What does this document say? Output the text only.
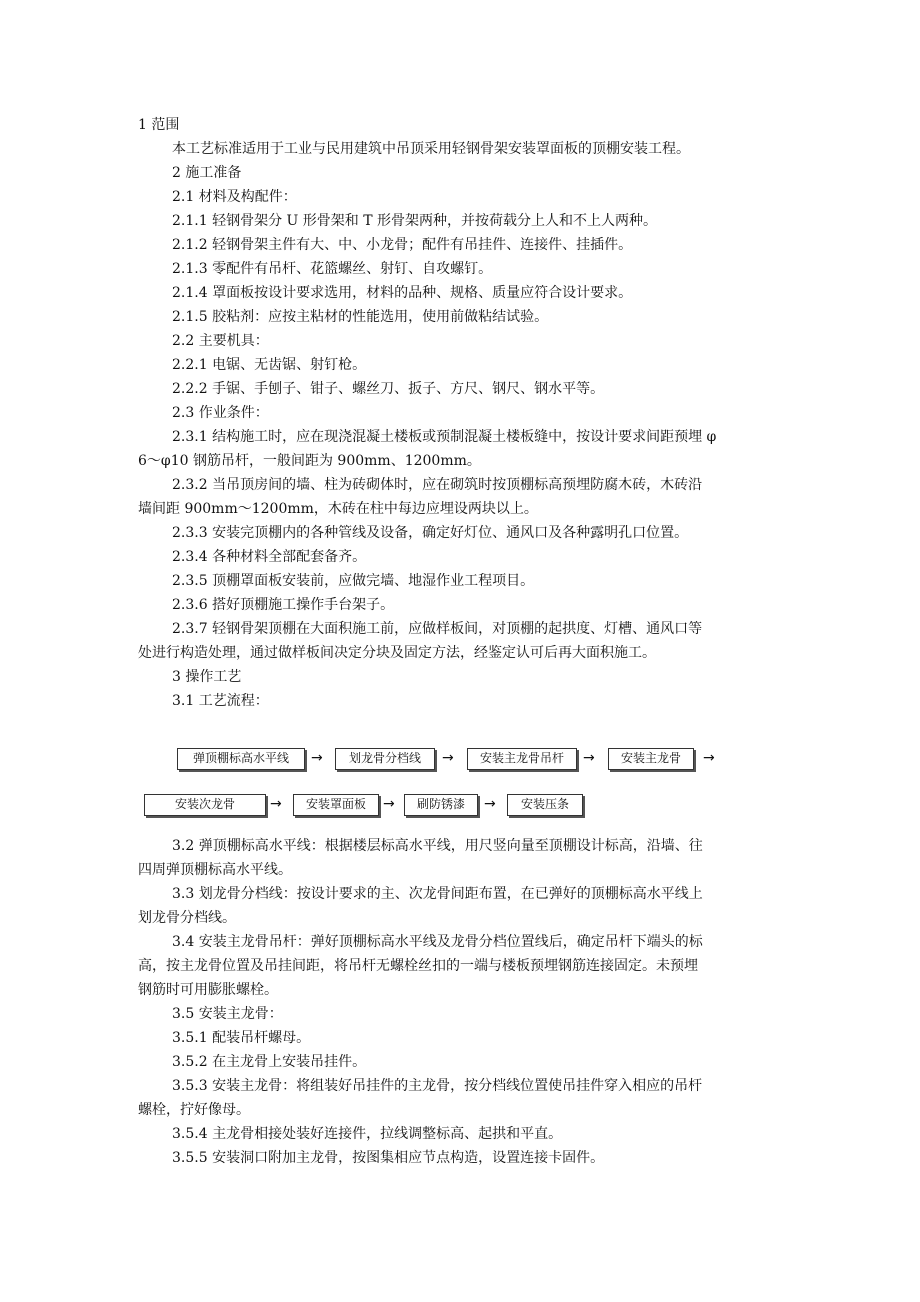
1 范围
本工艺标准适用于工业与民用建筑中吊顶采用轻钢骨架安装罩面板的顶棚安装工程。
2 施工准备
2.1 材料及构配件：
2.1.1 轻钢骨架分 U 形骨架和 T 形骨架两种，并按荷载分上人和不上人两种。
2.1.2 轻钢骨架主件有大、中、小龙骨；配件有吊挂件、连接件、挂插件。
2.1.3 零配件有吊杆、花篮螺丝、射钉、自攻螺钉。
2.1.4 罩面板按设计要求选用，材料的品种、规格、质量应符合设计要求。
2.1.5 胶粘剂：应按主粘材的性能选用，使用前做粘结试验。
2.2 主要机具：
2.2.1 电锯、无齿锯、射钉枪。
2.2.2 手锯、手刨子、钳子、螺丝刀、扳子、方尺、钢尺、钢水平等。
2.3 作业条件：
2.3.1 结构施工时，应在现浇混凝土楼板或预制混凝土楼板缝中，按设计要求间距预埋 φ
6～φ10 钢筋吊杆，一般间距为 900mm、1200mm。
2.3.2 当吊顶房间的墙、柱为砖砌体时，应在砌筑时按顶棚标高预埋防腐木砖，木砖沿
墙间距 900mm～1200mm，木砖在柱中每边应埋设两块以上。
2.3.3 安装完顶棚内的各种管线及设备，确定好灯位、通风口及各种露明孔口位置。
2.3.4 各种材料全部配套备齐。
2.3.5 顶棚罩面板安装前，应做完墙、地湿作业工程项目。
2.3.6 搭好顶棚施工操作手台架子。
2.3.7 轻钢骨架顶棚在大面积施工前，应做样板间，对顶棚的起拱度、灯槽、通风口等
处进行构造处理，通过做样板间决定分块及固定方法，经鉴定认可后再大面积施工。
3 操作工艺
3.1 工艺流程：
弹顶棚标高水平线	→	划龙骨分档线	→	安装主龙骨吊杆	→	安装主龙骨	→
安装次龙骨	→	安装罩面板	→	刷防锈漆	→	安装压条
3.2 弹顶棚标高水平线：根据楼层标高水平线，用尺竖向量至顶棚设计标高，沿墙、往
四周弹顶棚标高水平线。
3.3 划龙骨分档线：按设计要求的主、次龙骨间距布置，在已弹好的顶棚标高水平线上
划龙骨分档线。
3.4 安装主龙骨吊杆：弹好顶棚标高水平线及龙骨分档位置线后，确定吊杆下端头的标
高，按主龙骨位置及吊挂间距，将吊杆无螺栓丝扣的一端与楼板预埋钢筋连接固定。未预埋
钢筋时可用膨胀螺栓。
3.5 安装主龙骨：
3.5.1 配装吊杆螺母。
3.5.2 在主龙骨上安装吊挂件。
3.5.3 安装主龙骨：将组装好吊挂件的主龙骨，按分档线位置使吊挂件穿入相应的吊杆
螺栓，拧好像母。
3.5.4 主龙骨相接处装好连接件，拉线调整标高、起拱和平直。
3.5.5 安装洞口附加主龙骨，按图集相应节点构造，设置连接卡固件。
